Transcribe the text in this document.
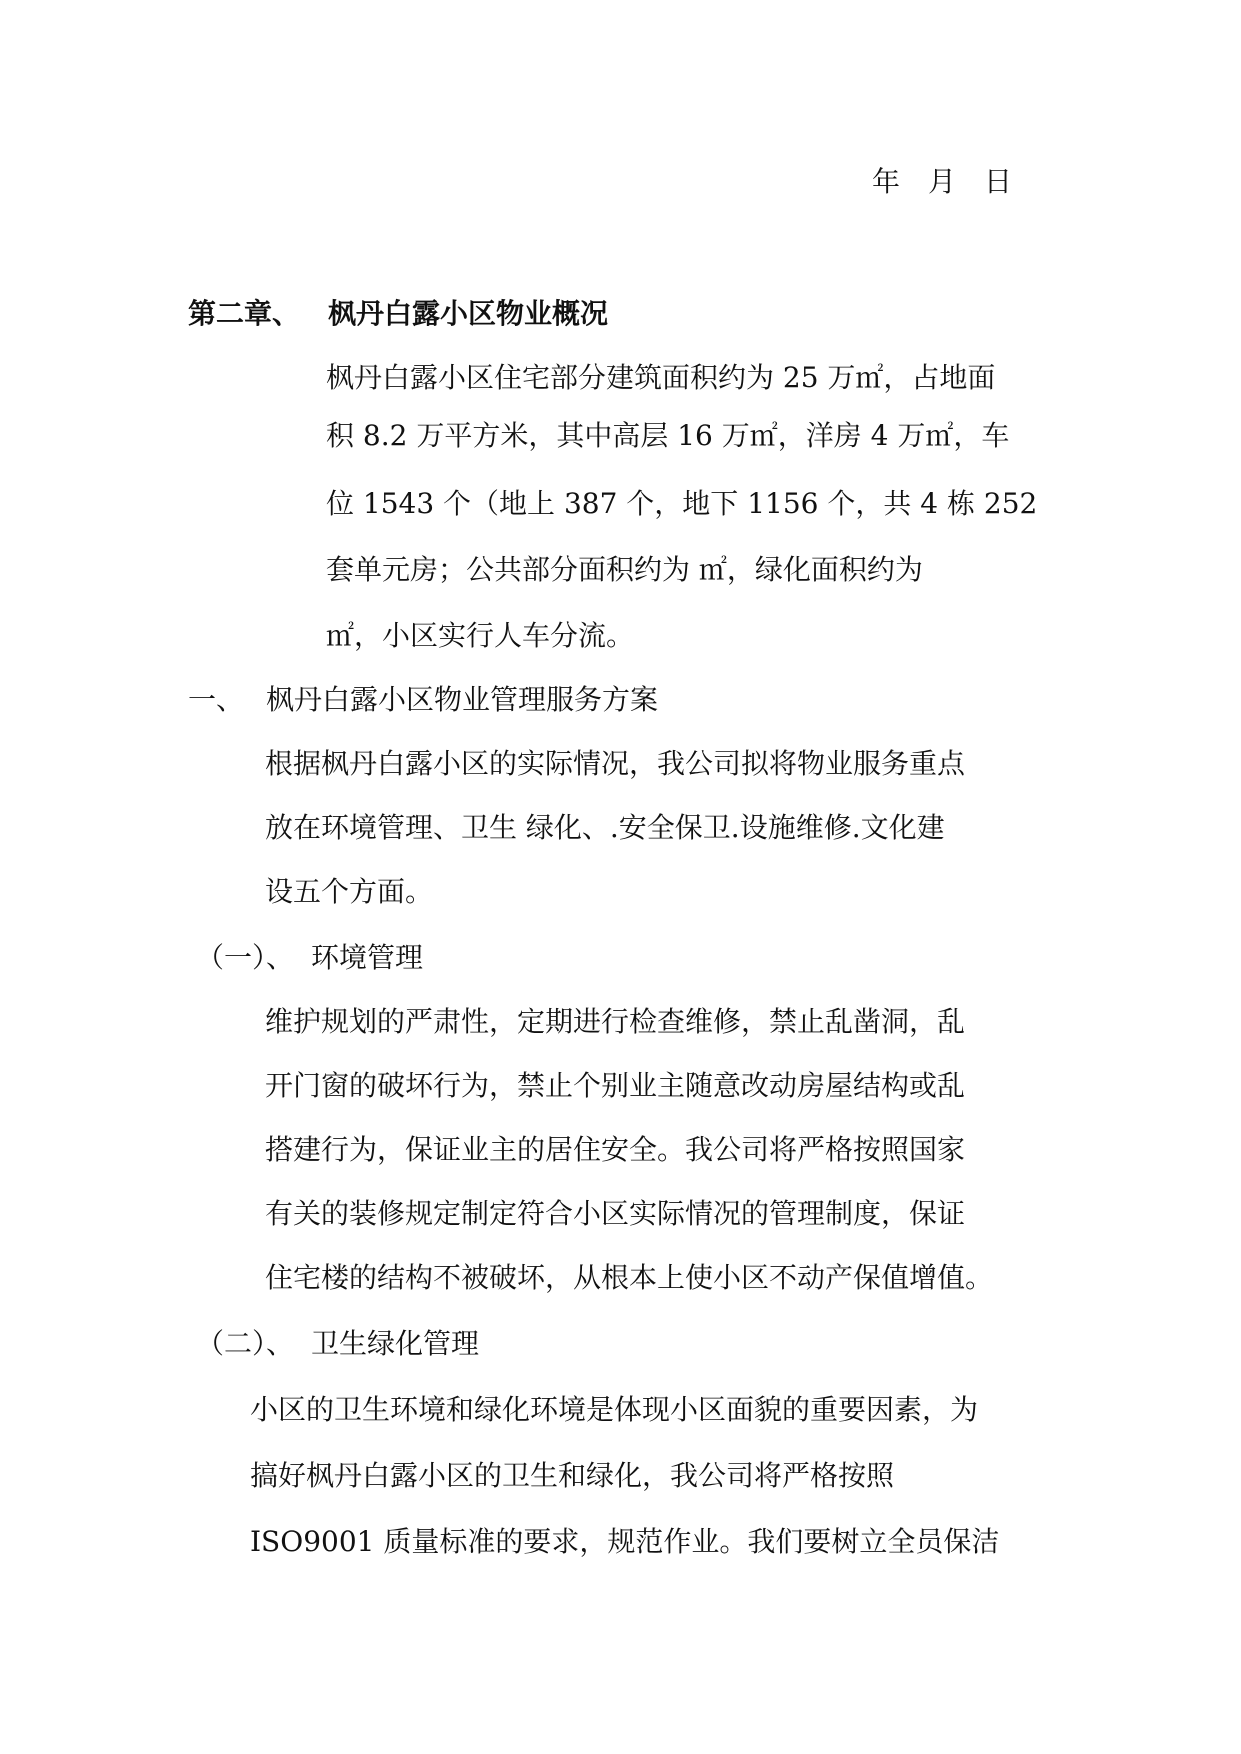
年 月 日
第二章、 枫丹白露小区物业概况
枫丹白露小区住宅部分建筑面积约为 25 万㎡，占地面
积 8.2 万平方米，其中高层 16 万㎡，洋房 4 万㎡，车
位 1543 个（地上 387 个，地下 1156 个，共 4 栋 252
套单元房；公共部分面积约为 ㎡，绿化面积约为
㎡，小区实行人车分流。
一、 枫丹白露小区物业管理服务方案
根据枫丹白露小区的实际情况，我公司拟将物业服务重点
放在环境管理、卫生 绿化、.安全保卫.设施维修.文化建
设五个方面。
（一）、 环境管理
维护规划的严肃性，定期进行检查维修，禁止乱凿洞，乱
开门窗的破坏行为，禁止个别业主随意改动房屋结构或乱
搭建行为，保证业主的居住安全。我公司将严格按照国家
有关的装修规定制定符合小区实际情况的管理制度，保证
住宅楼的结构不被破坏，从根本上使小区不动产保值增值。
（二）、 卫生绿化管理
小区的卫生环境和绿化环境是体现小区面貌的重要因素，为
搞好枫丹白露小区的卫生和绿化，我公司将严格按照
ISO9001 质量标准的要求，规范作业。我们要树立全员保洁
